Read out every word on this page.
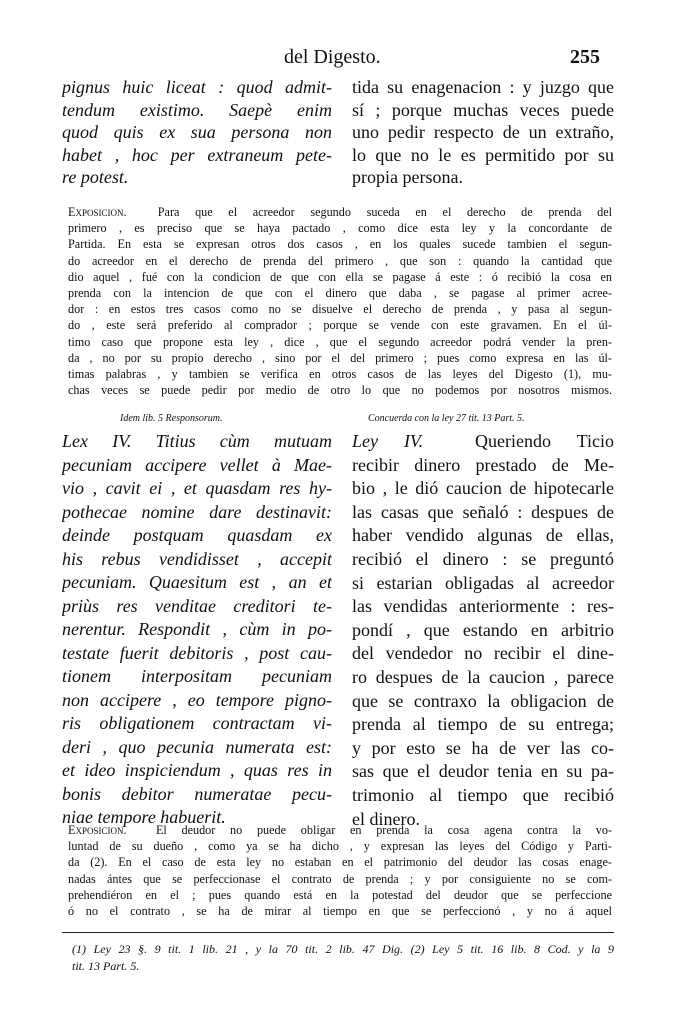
del Digesto.	255
pignus huic liceat : quod admit-
tendum existimo. Saepè enim
quod quis ex sua persona non
habet , hoc per extraneum pete-
re potest.
tida su enagenacion : y juzgo que
sí ; porque muchas veces puede
uno pedir respecto de un extraño,
lo que no le es permitido por su
propia persona.
Exposicion.	Para que el acreedor segundo suceda en el derecho de prenda del
primero , es preciso que se haya pactado , como dice esta ley y la concordante de
Partida. En esta se expresan otros dos casos , en los quales sucede tambien el segun-
do acreedor en el derecho de prenda del primero , que son : quando la cantidad que
dio aquel , fué con la condicion de que con ella se pagase á este : ó recibió la cosa en
prenda con la intencion de que con el dinero que daba , se pagase al primer acree-
dor : en estos tres casos como no se disuelve el derecho de prenda , y pasa al segun-
do , este será preferido al comprador ; porque se vende con este gravamen. En el úl-
timo caso que propone esta ley , dice , que el segundo acreedor podrá vender la pren-
da , no por su propio derecho , sino por el del primero ; pues como expresa en las úl-
timas palabras , y tambien se verifica en otros casos de las leyes del Digesto (1), mu-
chas veces se puede pedir por medio de otro lo que no podemos por nosotros mismos.
Idem lib. 5 Responsorum.	Concuerda con la ley 27 tit. 13 Part. 5.
Lex IV. Titius cùm mutuam
pecuniam accipere vellet à Mae-
vio , cavit ei , et quasdam res hy-
pothecae nomine dare destinavit:
deinde postquam quasdam ex
his rebus vendidisset , accepit
pecuniam. Quaesitum est , an et
priùs res venditae creditori te-
nerentur. Respondit , cùm in po-
testate fuerit debitoris , post cau-
tionem interpositam pecuniam
non accipere , eo tempore pigno-
ris obligationem contractam vi-
deri , quo pecunia numerata est:
et ideo inspiciendum , quas res in
bonis debitor numeratae pecu-
niae tempore habuerit.
Ley IV.	Queriendo Ticio
recibir dinero prestado de Me-
bio , le dió caucion de hipotecarle
las casas que señaló : despues de
haber vendido algunas de ellas,
recibió el dinero : se preguntó
si estarian obligadas al acreedor
las vendidas anteriormente : res-
pondí , que estando en arbitrio
del vendedor no recibir el dine-
ro despues de la caucion , parece
que se contraxo la obligacion de
prenda al tiempo de su entrega;
y por esto se ha de ver las co-
sas que el deudor tenia en su pa-
trimonio al tiempo que recibió
el dinero.
Exposicion. El deudor no puede obligar en prenda la cosa agena contra la vo-
luntad de su dueño , como ya se ha dicho , y expresan las leyes del Código y Parti-
da (2). En el caso de esta ley no estaban en el patrimonio del deudor las cosas enage-
nadas ántes que se perfeccionase el contrato de prenda ; y por consiguiente no se com-
prehendiéron en el ; pues quando está en la potestad del deudor que se perfeccione
ó no el contrato , se ha de mirar al tiempo en que se perfeccionó , y no á aquel
(1) Ley 23 §. 9 tit. 1 lib. 21 , y la 70 tit. 2 lib. 47 Dig. (2) Ley 5 tit. 16 lib. 8 Cod. y la 9
tit. 13 Part. 5.
